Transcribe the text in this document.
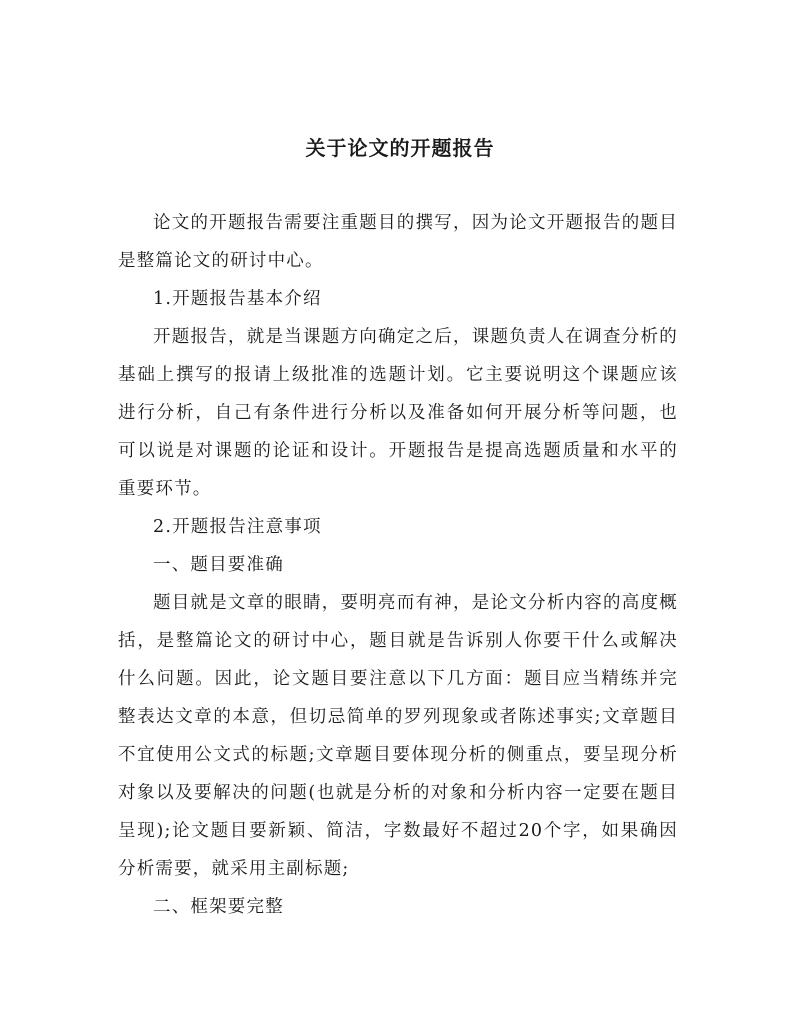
关于论文的开题报告

论文的开题报告需要注重题目的撰写，因为论文开题报告的题目是整篇论文的研讨中心。

1.开题报告基本介绍

开题报告，就是当课题方向确定之后，课题负责人在调查分析的基础上撰写的报请上级批准的选题计划。它主要说明这个课题应该进行分析，自己有条件进行分析以及准备如何开展分析等问题，也可以说是对课题的论证和设计。开题报告是提高选题质量和水平的重要环节。

2.开题报告注意事项

一、题目要准确

题目就是文章的眼睛，要明亮而有神，是论文分析内容的高度概括，是整篇论文的研讨中心，题目就是告诉别人你要干什么或解决什么问题。因此，论文题目要注意以下几方面：题目应当精练并完整表达文章的本意，但切忌简单的罗列现象或者陈述事实;文章题目不宜使用公文式的标题;文章题目要体现分析的侧重点，要呈现分析对象以及要解决的问题(也就是分析的对象和分析内容一定要在题目呈现);论文题目要新颖、简洁，字数最好不超过20个字，如果确因分析需要，就采用主副标题;

二、框架要完整
